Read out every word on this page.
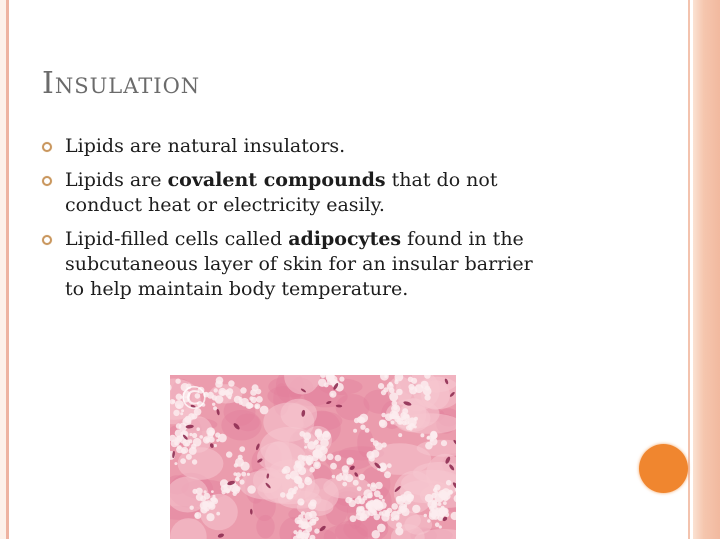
Insulation
Lipids are natural insulators.
Lipids are covalent compounds that do not
conduct heat or electricity easily.
Lipid-filled cells called adipocytes found in the
subcutaneous layer of skin for an insular barrier
to help maintain body temperature.
©
